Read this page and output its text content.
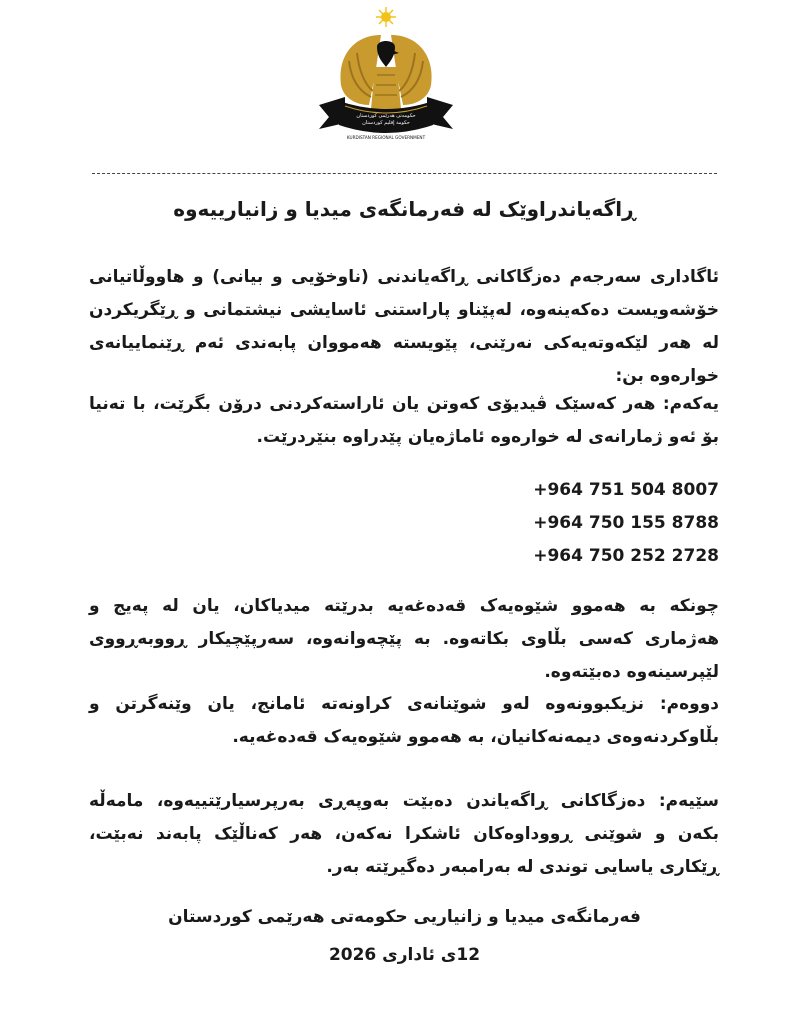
حکومەتی هەرێمی کوردستان
حكومة إقليم كوردستان
KURDISTAN REGIONAL GOVERNMENT
ڕاگەیاندراوێک لە فەرمانگەی میدیا و زانیارییەوە

ئاگاداری سەرجەم دەزگاکانی ڕاگەیاندنی (ناوخۆیی و بیانی) و هاووڵاتیانی خۆشەویست دەکەینەوە، لەپێناو پاراستنی ئاسایشی نیشتمانی و ڕێگریکردن لە هەر لێکەوتەیەکی نەرێنی، پێویستە هەمووان پابەندی ئەم ڕێنماییانەی خوارەوە بن:

یەکەم: هەر کەسێک ڤیدیۆی کەوتن یان ئاراستەکردنی درۆن بگرێت، با تەنیا بۆ ئەو ژمارانەی لە خوارەوە ئاماژەیان پێدراوە بنێردرێت.

+964 751 504 8007
+964 750 155 8788
+964 750 252 2728

چونکە بە هەموو شێوەیەک قەدەغەیە بدرێتە میدیاکان، یان لە پەیج و هەژماری کەسی بڵاوی بکاتەوە. بە پێچەوانەوە، سەرپێچیکار ڕووبەڕووی لێپرسینەوە دەبێتەوە.

دووەم: نزیکبوونەوە لەو شوێنانەی کراونەتە ئامانج، یان وێنەگرتن و بڵاوکردنەوەی دیمەنەکانیان، بە هەموو شێوەیەک قەدەغەیە.

سێیەم: دەزگاکانی ڕاگەیاندن دەبێت بەوپەڕی بەرپرسیارێتییەوە، مامەڵە بکەن و شوێنی ڕووداوەکان ئاشکرا نەکەن، هەر کەناڵێک پابەند نەبێت، ڕێکاری یاسایی توندی لە بەرامبەر دەگیرێتە بەر.

فەرمانگەی میدیا و زانیاریی حکومەتی هەرێمی کوردستان
12ی ئاداری 2026
